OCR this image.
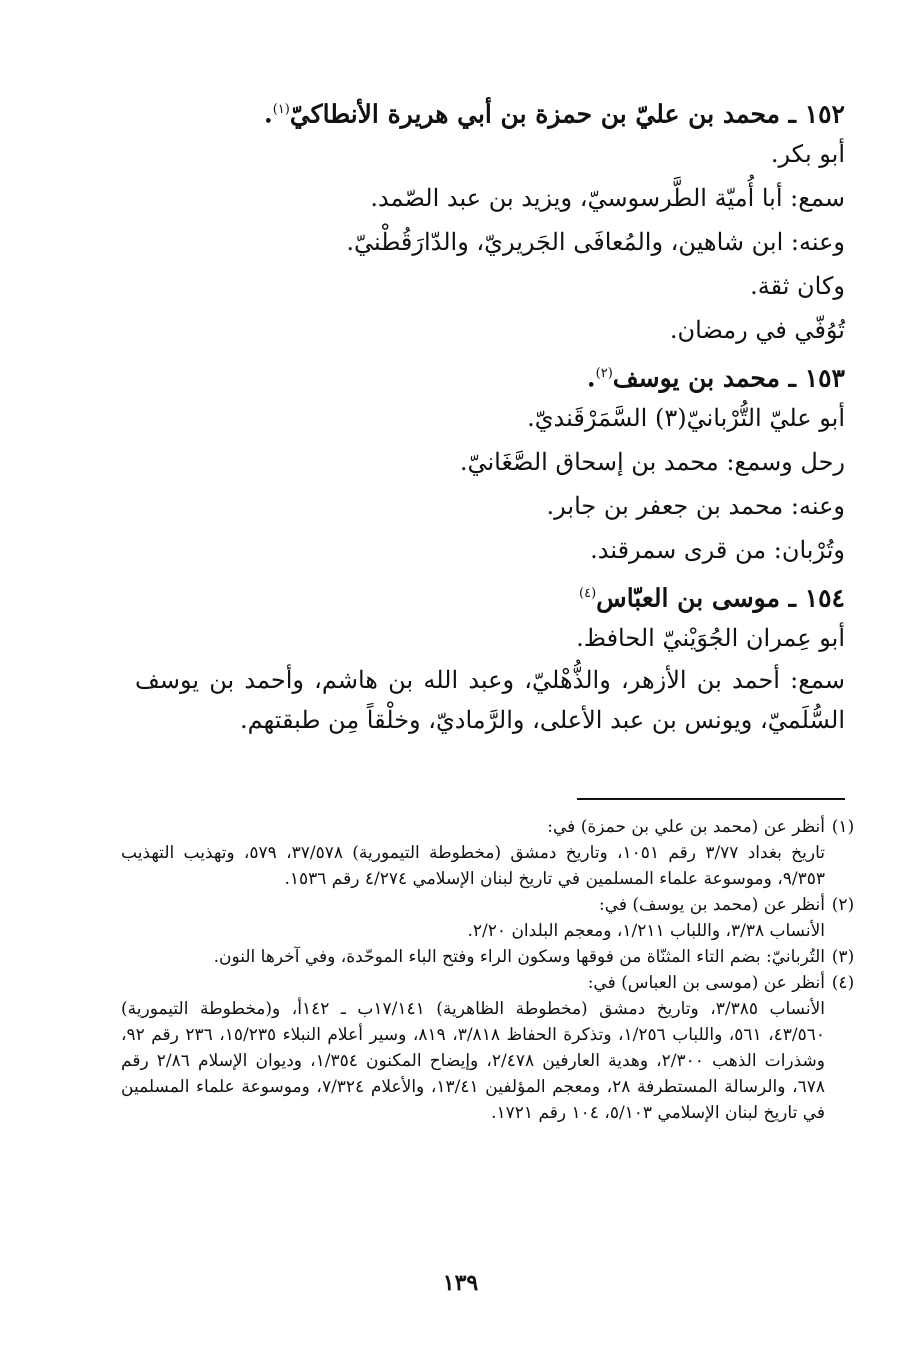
١٥٢ ـ محمد بن عليّ بن حمزة بن أبي هريرة الأنطاكيّ$^{(١)}$.
أبو بكر.
سمع: أبا أُميّة الطَّرسوسيّ، ويزيد بن عبد الصّمد.
وعنه: ابن شاهين، والمُعافَى الجَريريّ، والدّارَقُطْنيّ.
وكان ثقة.
تُوُفّي في رمضان.
١٥٣ ـ محمد بن يوسف$^{(٢)}$.
أبو عليّ التُّرْبانيّ(٣) السَّمَرْقَنديّ.
رحل وسمع: محمد بن إسحاق الصَّغَانيّ.
وعنه: محمد بن جعفر بن جابر.
وتُرْبان: من قرى سمرقند.
١٥٤ ـ موسى بن العبّاس$^{(٤)}$
أبو عِمران الجُوَيْنيّ الحافظ.
سمع: أحمد بن الأزهر، والذُّهْليّ، وعبد الله بن هاشم، وأحمد بن يوسف السُّلَميّ، ويونس بن عبد الأعلى، والرَّماديّ، وخلْقاً مِن طبقتهم.
(١)
أنظر عن (محمد بن علي بن حمزة) في:
تاريخ بغداد ٣/٧٧ رقم ١٠٥١، وتاريخ دمشق (مخطوطة التيمورية) ٣٧/٥٧٨، ٥٧٩، وتهذيب التهذيب ٩/٣٥٣، وموسوعة علماء المسلمين في تاريخ لبنان الإسلامي ٤/٢٧٤ رقم ١٥٣٦.
(٢)
أنظر عن (محمد بن يوسف) في:
الأنساب ٣/٣٨، واللباب ١/٢١١، ومعجم البلدان ٢/٢٠.
(٣)
التُربانيّ: بضم التاء المثنّاة من فوقها وسكون الراء وفتح الباء الموحّدة، وفي آخرها النون.
(٤)
أنظر عن (موسى بن العباس) في:
الأنساب ٣/٣٨٥، وتاريخ دمشق (مخطوطة الظاهرية) ١٧/١٤١ب ـ ١٤٢أ، و(مخطوطة التيمورية) ٤٣/٥٦٠، ٥٦١، واللباب ١/٢٥٦، وتذكرة الحفاظ ٣/٨١٨، ٨١٩، وسير أعلام النبلاء ١٥/٢٣٥، ٢٣٦ رقم ٩٢، وشذرات الذهب ٢/٣٠٠، وهدية العارفين ٢/٤٧٨، وإيضاح المكنون ١/٣٥٤، وديوان الإسلام ٢/٨٦ رقم ٦٧٨، والرسالة المستطرفة ٢٨، ومعجم المؤلفين ١٣/٤١، والأعلام ٧/٣٢٤، وموسوعة علماء المسلمين في تاريخ لبنان الإسلامي ٥/١٠٣، ١٠٤ رقم ١٧٢١.
١٣٩
